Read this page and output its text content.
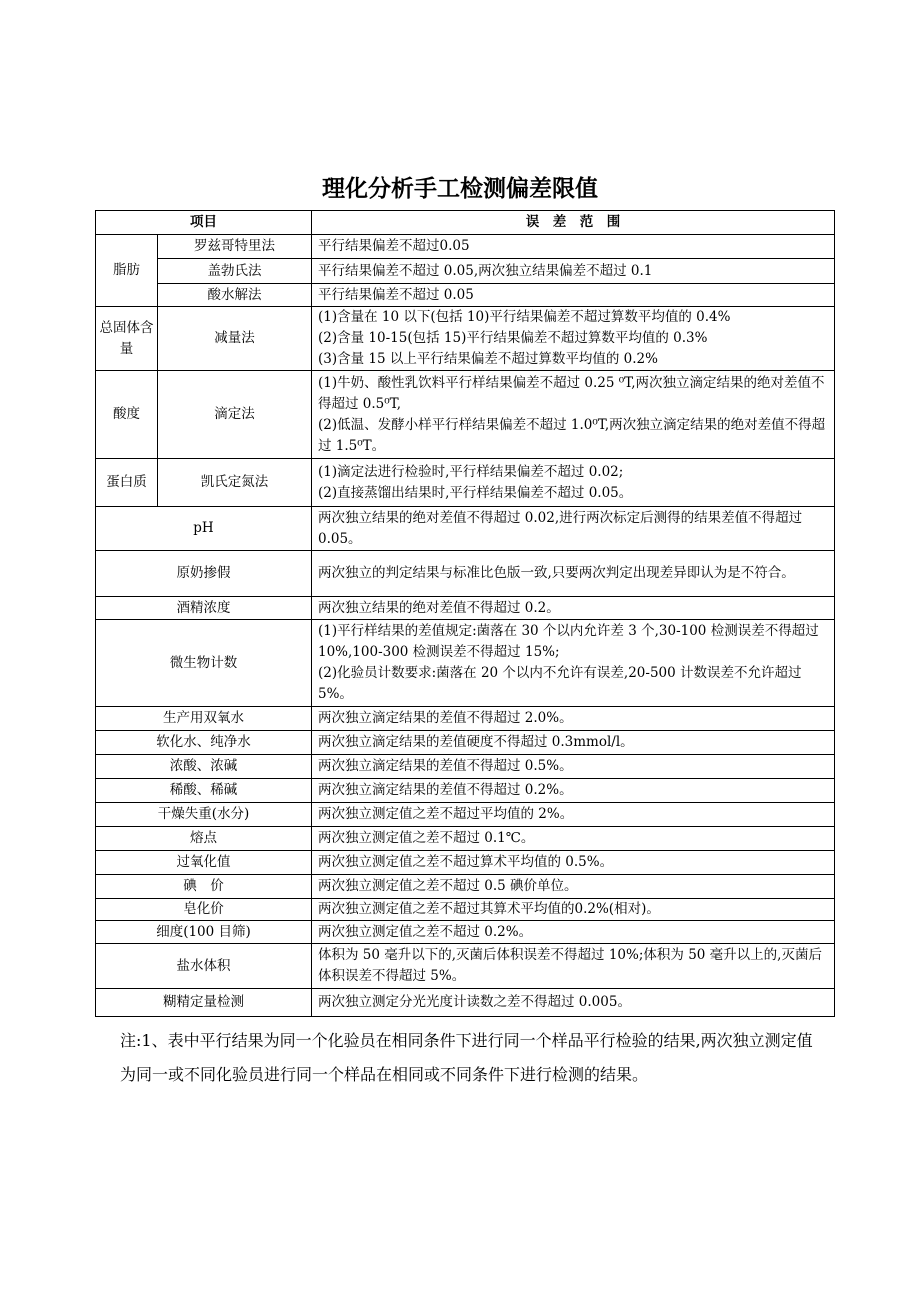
理化分析手工检测偏差限值
项目		误　差　范　围
脂肪	罗兹哥特里法	平行结果偏差不超过0.05
	盖勃氏法	平行结果偏差不超过 0.05,两次独立结果偏差不超过 0.1
	酸水解法	平行结果偏差不超过 0.05
总固体含量	减量法	(1)含量在 10 以下(包括 10)平行结果偏差不超过算数平均值的 0.4%
(2)含量 10-15(包括 15)平行结果偏差不超过算数平均值的 0.3%
(3)含量 15 以上平行结果偏差不超过算数平均值的 0.2%
酸度	滴定法	(1)牛奶、酸性乳饮料平行样结果偏差不超过 0.25 ⁰T,两次独立滴定结果的绝对差值不得超过 0.5⁰T,
(2)低温、发酵小样平行样结果偏差不超过 1.0⁰T,两次独立滴定结果的绝对差值不得超过 1.5⁰T。
蛋白质	凯氏定氮法	(1)滴定法进行检验时,平行样结果偏差不超过 0.02;
(2)直接蒸馏出结果时,平行样结果偏差不超过 0.05。
pH		两次独立结果的绝对差值不得超过 0.02,进行两次标定后测得的结果差值不得超过 0.05。
原奶掺假		两次独立的判定结果与标准比色版一致,只要两次判定出现差异即认为是不符合。
酒精浓度		两次独立结果的绝对差值不得超过 0.2。
微生物计数		(1)平行样结果的差值规定:菌落在 30 个以内允许差 3 个,30-100 检测误差不得超过 10%,100-300 检测误差不得超过 15%;
(2)化验员计数要求:菌落在 20 个以内不允许有误差,20-500 计数误差不允许超过 5%。
生产用双氧水		两次独立滴定结果的差值不得超过 2.0%。
软化水、纯净水		两次独立滴定结果的差值硬度不得超过 0.3mmol/l。
浓酸、浓碱		两次独立滴定结果的差值不得超过 0.5%。
稀酸、稀碱		两次独立滴定结果的差值不得超过 0.2%。
干燥失重(水分)		两次独立测定值之差不超过平均值的 2%。
熔点		两次独立测定值之差不超过 0.1℃。
过氧化值		两次独立测定值之差不超过算术平均值的 0.5%。
碘　价		两次独立测定值之差不超过 0.5 碘价单位。
皂化价		两次独立测定值之差不超过其算术平均值的0.2%(相对)。
细度(100 目筛)		两次独立测定值之差不超过 0.2%。
盐水体积		体积为 50 毫升以下的,灭菌后体积误差不得超过 10%;体积为 50 毫升以上的,灭菌后体积误差不得超过 5%。
糊精定量检测		两次独立测定分光光度计读数之差不得超过 0.005。
注:1、表中平行结果为同一个化验员在相同条件下进行同一个样品平行检验的结果,两次独立测定值为同一或不同化验员进行同一个样品在相同或不同条件下进行检测的结果。
